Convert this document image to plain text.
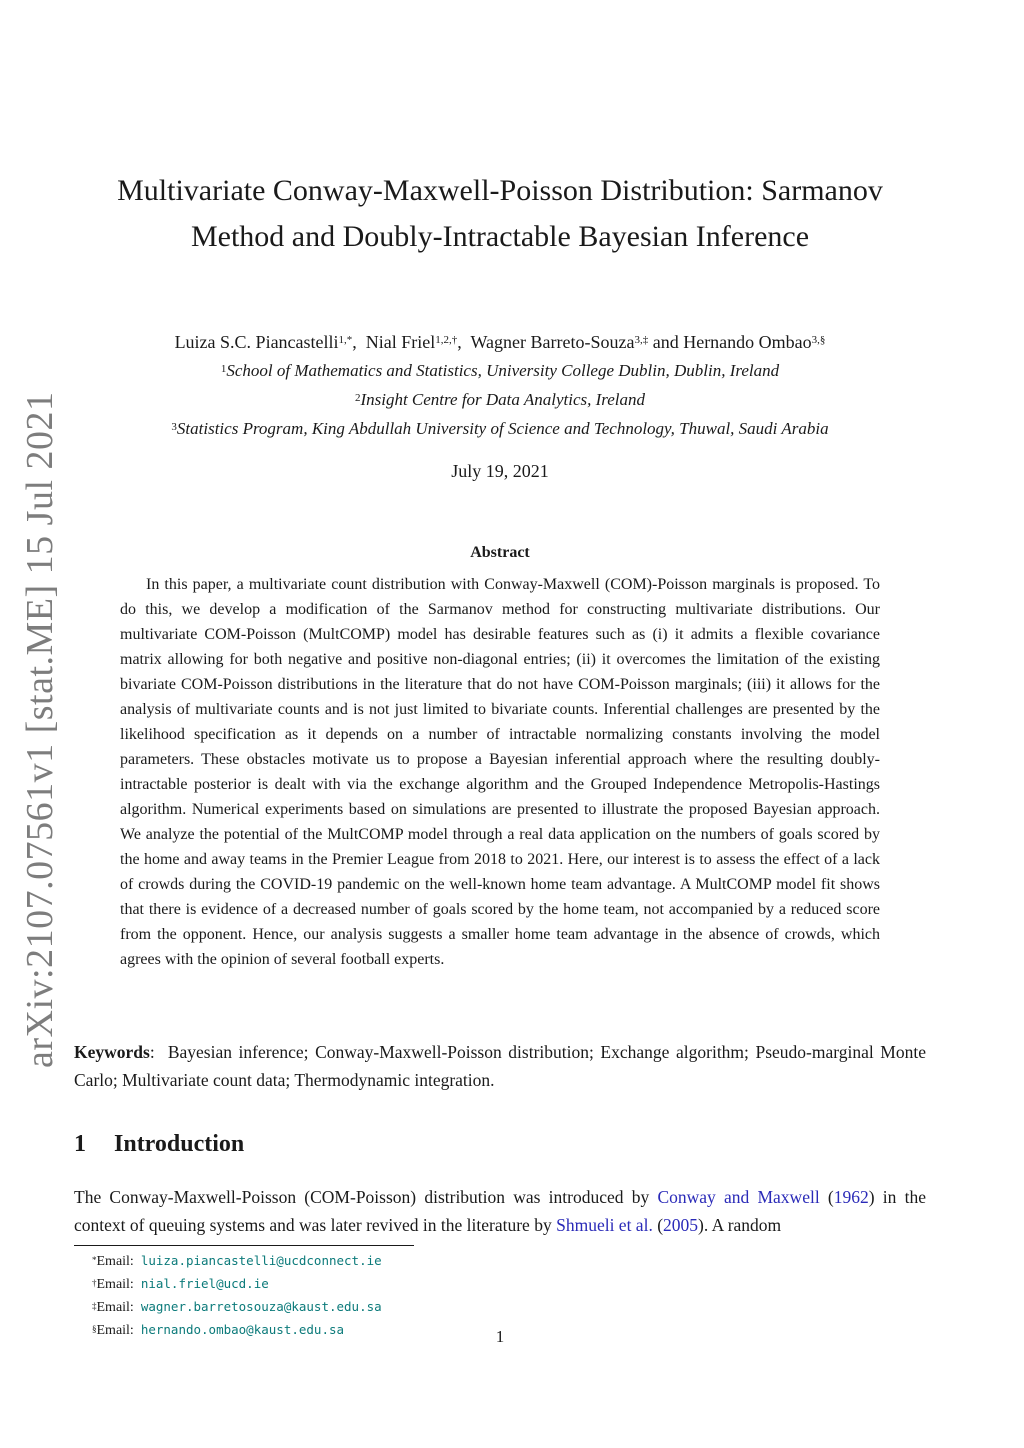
arXiv:2107.07561v1 [stat.ME] 15 Jul 2021
Multivariate Conway-Maxwell-Poisson Distribution: Sarmanov Method and Doubly-Intractable Bayesian Inference
Luiza S.C. Piancastelli$^{1,*}$,  Nial Friel$^{1,2,\dagger}$,  Wagner Barreto-Souza$^{3,\ddagger}$ and Hernando Ombao$^{3,\S}$
$^1$School of Mathematics and Statistics, University College Dublin, Dublin, Ireland
$^2$Insight Centre for Data Analytics, Ireland
$^3$Statistics Program, King Abdullah University of Science and Technology, Thuwal, Saudi Arabia
July 19, 2021
Abstract
In this paper, a multivariate count distribution with Conway-Maxwell (COM)-Poisson marginals is proposed. To do this, we develop a modification of the Sarmanov method for constructing multivariate distributions. Our multivariate COM-Poisson (MultCOMP) model has desirable features such as (i) it admits a flexible covariance matrix allowing for both negative and positive non-diagonal entries; (ii) it overcomes the limitation of the existing bivariate COM-Poisson distributions in the literature that do not have COM-Poisson marginals; (iii) it allows for the analysis of multivariate counts and is not just limited to bivariate counts. Inferential challenges are presented by the likelihood specification as it depends on a number of intractable normalizing constants involving the model parameters. These obstacles motivate us to propose a Bayesian inferential approach where the resulting doubly-intractable posterior is dealt with via the exchange algorithm and the Grouped Independence Metropolis-Hastings algorithm. Numerical experiments based on simulations are presented to illustrate the proposed Bayesian approach. We analyze the potential of the MultCOMP model through a real data application on the numbers of goals scored by the home and away teams in the Premier League from 2018 to 2021. Here, our interest is to assess the effect of a lack of crowds during the COVID-19 pandemic on the well-known home team advantage. A MultCOMP model fit shows that there is evidence of a decreased number of goals scored by the home team, not accompanied by a reduced score from the opponent. Hence, our analysis suggests a smaller home team advantage in the absence of crowds, which agrees with the opinion of several football experts.
Keywords:  Bayesian inference; Conway-Maxwell-Poisson distribution; Exchange algorithm; Pseudo-marginal Monte Carlo; Multivariate count data; Thermodynamic integration.
1 Introduction
The Conway-Maxwell-Poisson (COM-Poisson) distribution was introduced by Conway and Maxwell (1962) in the context of queuing systems and was later revived in the literature by Shmueli et al. (2005). A random
*Email: luiza.piancastelli@ucdconnect.ie
†Email: nial.friel@ucd.ie
‡Email: wagner.barretosouza@kaust.edu.sa
§Email: hernando.ombao@kaust.edu.sa	1
